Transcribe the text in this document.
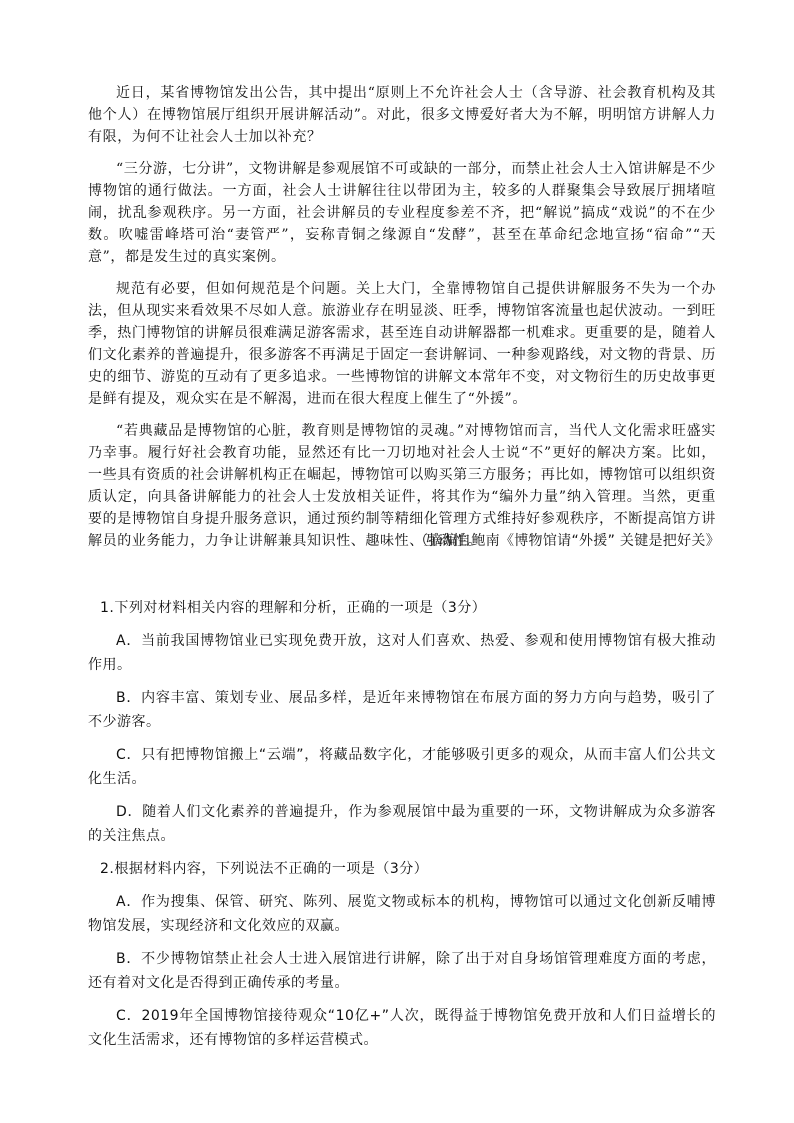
近日，某省博物馆发出公告，其中提出“原则上不允许社会人士（含导游、社会教育机构及其他个人）在博物馆展厅组织开展讲解活动”。对此，很多文博爱好者大为不解，明明馆方讲解人力有限，为何不让社会人士加以补充？

“三分游，七分讲”，文物讲解是参观展馆不可或缺的一部分，而禁止社会人士入馆讲解是不少博物馆的通行做法。一方面，社会人士讲解往往以带团为主，较多的人群聚集会导致展厅拥堵喧闹，扰乱参观秩序。另一方面，社会讲解员的专业程度参差不齐，把“解说”搞成“戏说”的不在少数。吹嘘雷峰塔可治“妻管严”，妄称青铜之缘源自“发酵”，甚至在革命纪念地宣扬“宿命”“天意”，都是发生过的真实案例。

规范有必要，但如何规范是个问题。关上大门，全靠博物馆自己提供讲解服务不失为一个办法，但从现实来看效果不尽如人意。旅游业存在明显淡、旺季，博物馆客流量也起伏波动。一到旺季，热门博物馆的讲解员很难满足游客需求，甚至连自动讲解器都一机难求。更重要的是，随着人们文化素养的普遍提升，很多游客不再满足于固定一套讲解词、一种参观路线，对文物的背景、历史的细节、游览的互动有了更多追求。一些博物馆的讲解文本常年不变，对文物衍生的历史故事更是鲜有提及，观众实在是不解渴，进而在很大程度上催生了“外援”。

“若典藏品是博物馆的心脏，教育则是博物馆的灵魂。”对博物馆而言，当代人文化需求旺盛实乃幸事。履行好社会教育功能，显然还有比一刀切地对社会人士说“不”更好的解决方案。比如，一些具有资质的社会讲解机构正在崛起，博物馆可以购买第三方服务；再比如，博物馆可以组织资质认定，向具备讲解能力的社会人士发放相关证件，将其作为“编外力量”纳入管理。当然，更重要的是博物馆自身提升服务意识，通过预约制等精细化管理方式维持好参观秩序，不断提高馆方讲解员的业务能力，力争让讲解兼具知识性、趣味性、互动性。

（摘编自鲍南《博物馆请“外援” 关键是把好关》

1.下列对材料相关内容的理解和分析，正确的一项是（3分）

A．当前我国博物馆业已实现免费开放，这对人们喜欢、热爱、参观和使用博物馆有极大推动作用。

B．内容丰富、策划专业、展品多样，是近年来博物馆在布展方面的努力方向与趋势，吸引了不少游客。

C．只有把博物馆搬上“云端”，将藏品数字化，才能够吸引更多的观众，从而丰富人们公共文化生活。

D．随着人们文化素养的普遍提升，作为参观展馆中最为重要的一环，文物讲解成为众多游客的关注焦点。

2.根据材料内容，下列说法不正确的一项是（3分）

A．作为搜集、保管、研究、陈列、展览文物或标本的机构，博物馆可以通过文化创新反哺博物馆发展，实现经济和文化效应的双赢。

B．不少博物馆禁止社会人士进入展馆进行讲解，除了出于对自身场馆管理难度方面的考虑，还有着对文化是否得到正确传承的考量。

C．2019年全国博物馆接待观众“10亿+”人次，既得益于博物馆免费开放和人们日益增长的文化生活需求，还有博物馆的多样运营模式。
